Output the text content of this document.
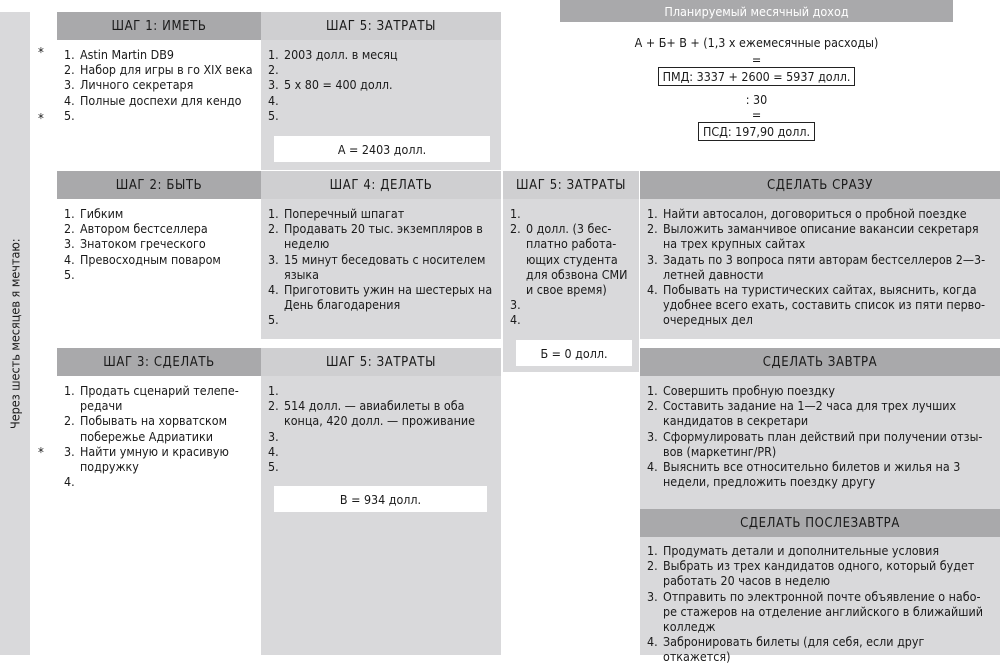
Через шесть месяцев я мечтаю:
*
*
*
ШАГ 1: ИМЕТЬ	ШАГ 5: ЗАТРАТЫ
1. Astin Martin DB9
2. Набор для игры в го XIX века
3. Личного секретаря
4. Полные доспехи для кендо
5.
1. 2003 долл. в месяц
2.
3. 5 х 80 = 400 долл.
4.
5.
A = 2403 долл.
Планируемый месячный доход
А + Б+ В + (1,3 х ежемесячные расходы)
=
ПМД: 3337 + 2600 = 5937 долл.
: 30
=
ПСД: 197,90 долл.
ШАГ 2: БЫТЬ	ШАГ 4: ДЕЛАТЬ	ШАГ 5: ЗАТРАТЫ	СДЕЛАТЬ СРАЗУ
1. Гибким
2. Автором бестселлера
3. Знатоком греческого
4. Превосходным поваром
5.
1. Поперечный шпагат
2. Продавать 20 тыс. экземпляров в неделю
3. 15 минут беседовать с носителем языка
4. Приготовить ужин на шестерых на День благодарения
5.
1.
2. 0 долл. (3 бес-платно работа-ющих студента для обзвона СМИ и свое время)
3.
4.
Б = 0 долл.
1. Найти автосалон, договориться о пробной поездке
2. Выложить заманчивое описание вакансии секретаря на трех крупных сайтах
3. Задать по 3 вопроса пяти авторам бестселлеров 2—3-летней давности
4. Побывать на туристических сайтах, выяснить, когда удобнее всего ехать, составить список из пяти перво-очередных дел
ШАГ 3: СДЕЛАТЬ	ШАГ 5: ЗАТРАТЫ	СДЕЛАТЬ ЗАВТРА
1. Продать сценарий телепе-редачи
2. Побывать на хорватском побережье Адриатики
3. Найти умную и красивую подружку
4.
1.
2. 514 долл. — авиабилеты в оба конца, 420 долл. — проживание
3.
4.
5.
В = 934 долл.
1. Совершить пробную поездку
2. Составить задание на 1—2 часа для трех лучших кандидатов в секретари
3. Сформулировать план действий при получении отзы-вов (маркетинг/PR)
4. Выяснить все относительно билетов и жилья на 3 недели, предложить поездку другу
СДЕЛАТЬ ПОСЛЕЗАВТРА
1. Продумать детали и дополнительные условия
2. Выбрать из трех кандидатов одного, который будет работать 20 часов в неделю
3. Отправить по электронной почте объявление о набо-ре стажеров на отделение английского в ближайший колледж
4. Забронировать билеты (для себя, если друг откажется)
